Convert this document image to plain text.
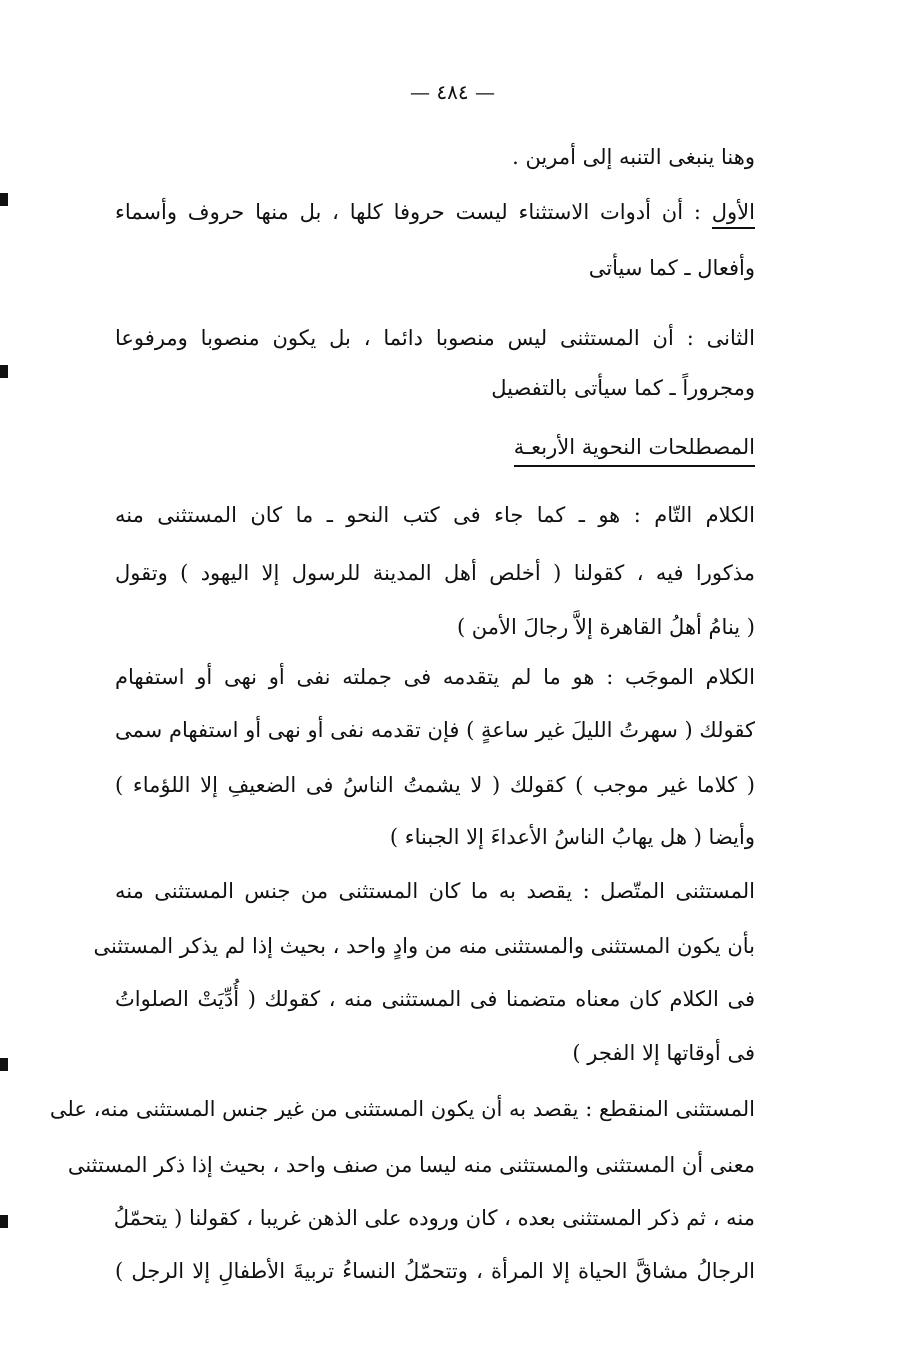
— ٤٨٤ —
وهنا ينبغى التنبه إلى أمرين .
الأول : أن أدوات الاستثناء ليست حروفا كلها ، بل منها حروف وأسماء
وأفعال ـ كما سيأتى
الثانى : أن المستثنى ليس منصوبا دائما ، بل يكون منصوبا ومرفوعا
ومجروراً ـ كما سيأتى بالتفصيل
المصطلحات النحوية الأربعـة
الكلام التّام : هو ـ كما جاء فى كتب النحو ـ ما كان المستثنى منه
مذكورا فيه ، كقولنا ( أخلص أهل المدينة للرسول إلا اليهود ) وتقول
( ينامُ أهلُ القاهرة إلاَّ رجالَ الأمن )
الكلام الموجَب : هو ما لم يتقدمه فى جملته نفى أو نهى أو استفهام
كقولك ( سهرتُ الليلَ غير ساعةٍ ) فإن تقدمه نفى أو نهى أو استفهام سمى
( كلاما غير موجب ) كقولك ( لا يشمتُ الناسُ فى الضعيفِ إلا اللؤماء )
وأيضا ( هل يهابُ الناسُ الأعداءَ إلا الجبناء )
المستثنى المتّصل : يقصد به ما كان المستثنى من جنس المستثنى منه
بأن يكون المستثنى والمستثنى منه من وادٍ واحد ، بحيث إذا لم يذكر المستثنى
فى الكلام كان معناه متضمنا فى المستثنى منه ، كقولك ( أُدِّيَتْ الصلواتُ
فى أوقاتها إلا الفجر )
المستثنى المنقطع : يقصد به أن يكون المستثنى من غير جنس المستثنى منه، على
معنى أن المستثنى والمستثنى منه ليسا من صنف واحد ، بحيث إذا ذكر المستثنى
منه ، ثم ذكر المستثنى بعده ، كان وروده على الذهن غريبا ، كقولنا ( يتحمّلُ
الرجالُ مشاقَّ الحياة إلا المرأة ، وتتحمّلُ النساءُ تربيةَ الأطفالِ إلا الرجل )
